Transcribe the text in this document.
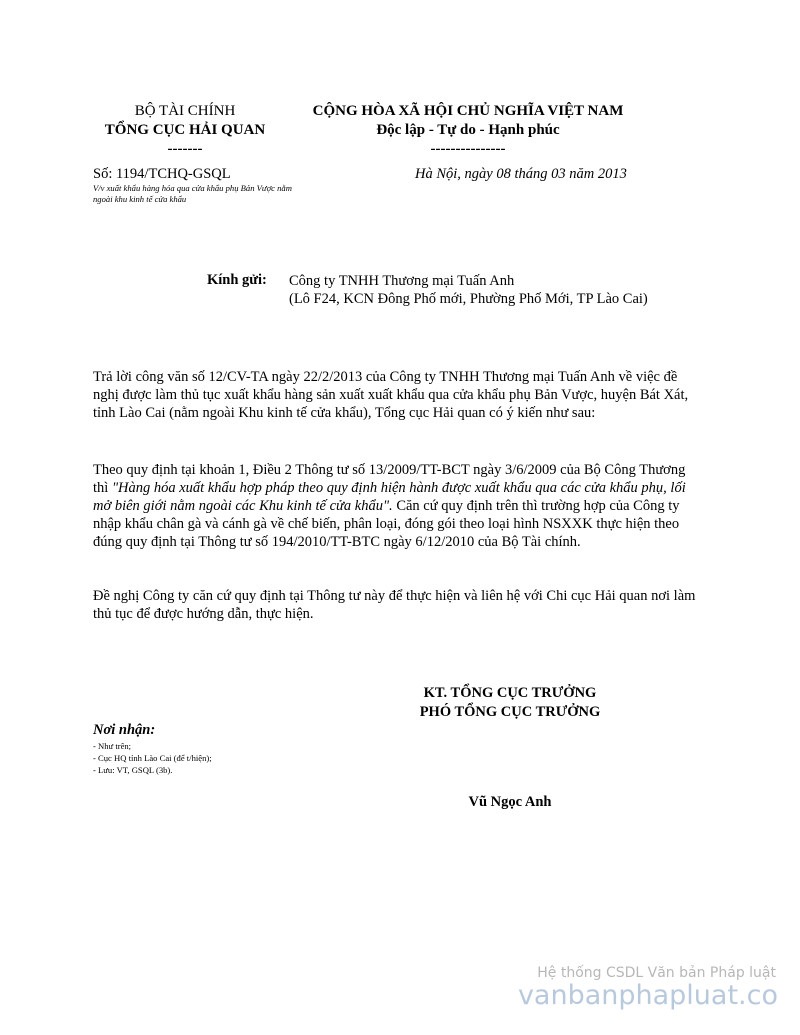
BỘ TÀI CHÍNH
TỔNG CỤC HẢI QUAN
-------
CỘNG HÒA XÃ HỘI CHỦ NGHĨA VIỆT NAM
Độc lập - Tự do - Hạnh phúc
---------------
Số: 1194/TCHQ-GSQL
V/v xuất khẩu hàng hóa qua cửa khẩu phụ Bản Vược nằm ngoài khu kinh tế cửa khẩu
Hà Nội, ngày 08 tháng 03 năm 2013
Kính gửi: Công ty TNHH Thương mại Tuấn Anh
(Lô F24, KCN Đông Phố mới, Phường Phố Mới, TP Lào Cai)

Trả lời công văn số 12/CV-TA ngày 22/2/2013 của Công ty TNHH Thương mại Tuấn Anh về việc đề nghị được làm thủ tục xuất khẩu hàng sản xuất xuất khẩu qua cửa khẩu phụ Bản Vược, huyện Bát Xát, tỉnh Lào Cai (nằm ngoài Khu kinh tế cửa khẩu), Tổng cục Hải quan có ý kiến như sau:

Theo quy định tại khoản 1, Điều 2 Thông tư số 13/2009/TT-BCT ngày 3/6/2009 của Bộ Công Thương thì "Hàng hóa xuất khẩu hợp pháp theo quy định hiện hành được xuất khẩu qua các cửa khẩu phụ, lối mở biên giới nằm ngoài các Khu kinh tế cửa khẩu". Căn cứ quy định trên thì trường hợp của Công ty nhập khẩu chân gà và cánh gà về chế biến, phân loại, đóng gói theo loại hình NSXXK thực hiện theo đúng quy định tại Thông tư số 194/2010/TT-BTC ngày 6/12/2010 của Bộ Tài chính.

Đề nghị Công ty căn cứ quy định tại Thông tư này để thực hiện và liên hệ với Chi cục Hải quan nơi làm thủ tục để được hướng dẫn, thực hiện.

KT. TỔNG CỤC TRƯỞNG
PHÓ TỔNG CỤC TRƯỞNG
Vũ Ngọc Anh
Nơi nhận:
- Như trên;
- Cục HQ tỉnh Lào Cai (để t/hiện);
- Lưu: VT, GSQL (3b).
Hệ thống CSDL Văn bản Pháp luật
vanbanphapluat.co
